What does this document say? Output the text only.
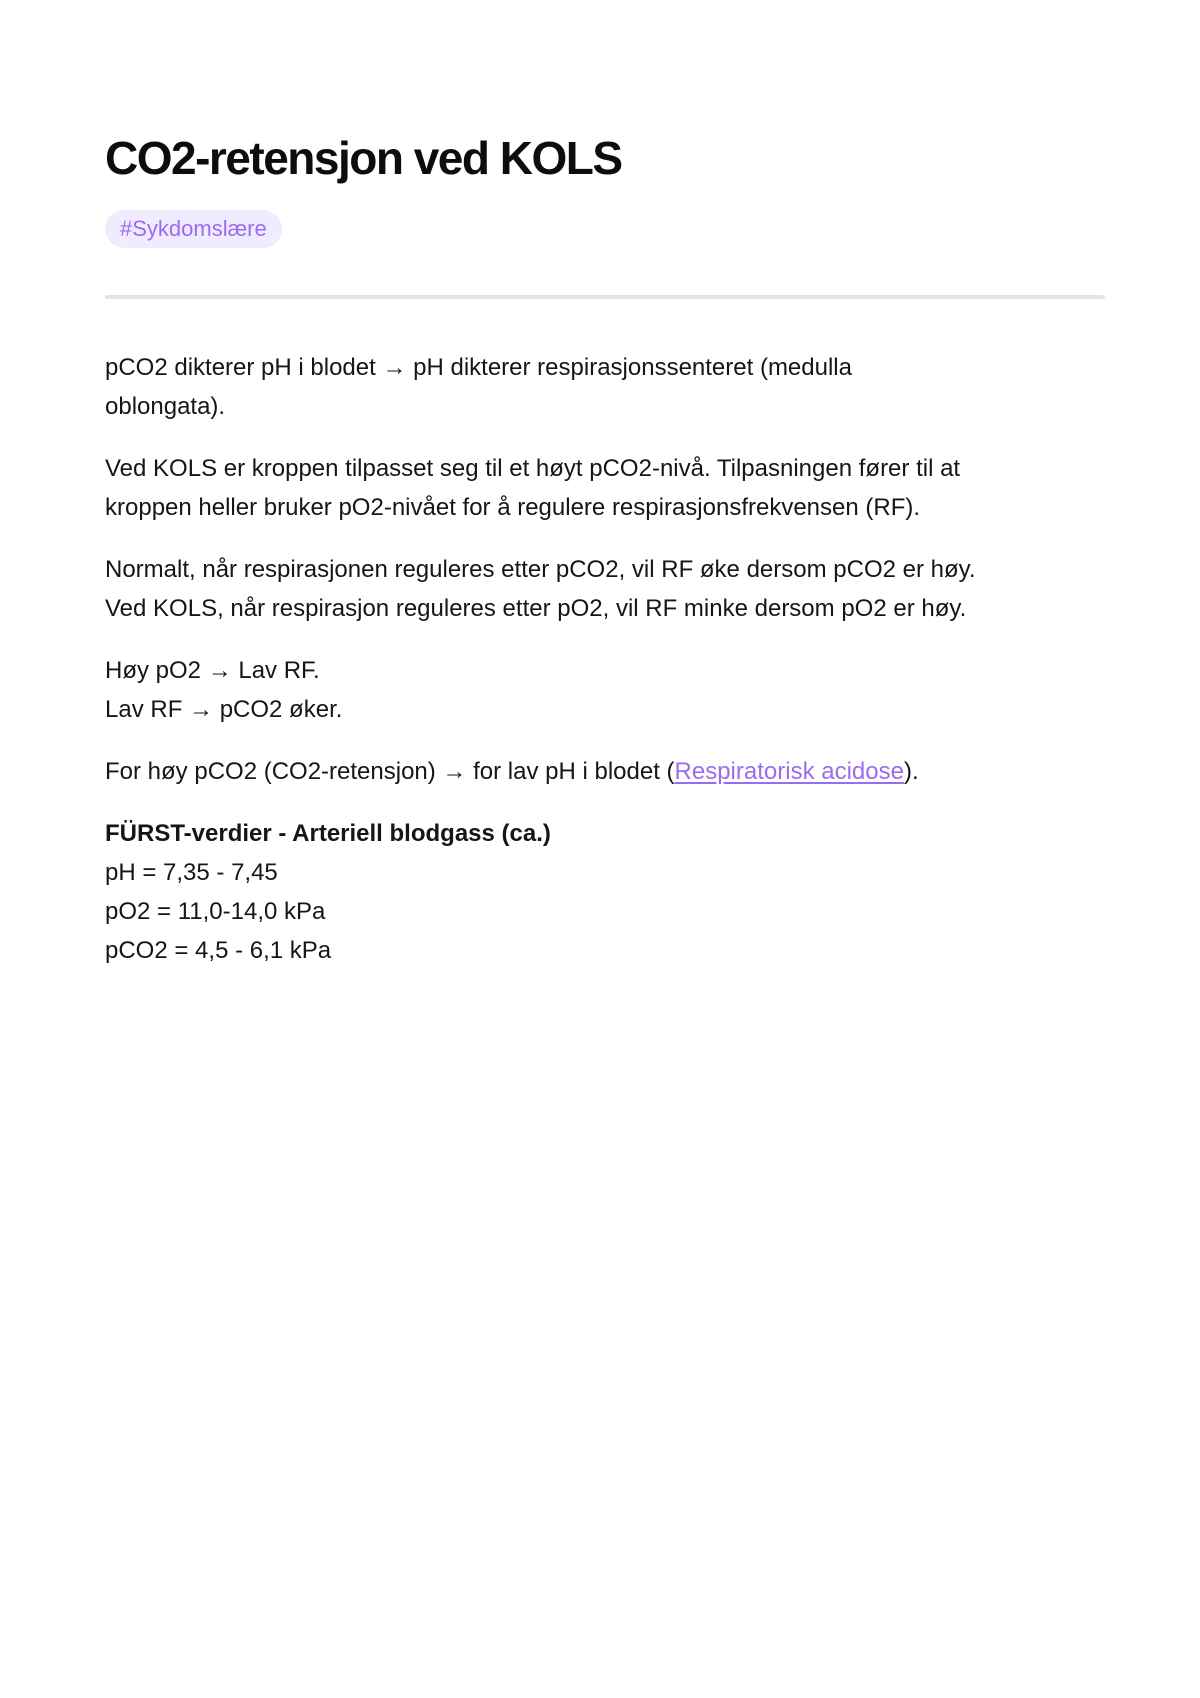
CO2-retensjon ved KOLS
#Sykdomslære

pCO2 dikterer pH i blodet → pH dikterer respirasjonssenteret (medulla
oblongata).

Ved KOLS er kroppen tilpasset seg til et høyt pCO2-nivå. Tilpasningen fører til at
kroppen heller bruker pO2-nivået for å regulere respirasjonsfrekvensen (RF).

Normalt, når respirasjonen reguleres etter pCO2, vil RF øke dersom pCO2 er høy.
Ved KOLS, når respirasjon reguleres etter pO2, vil RF minke dersom pO2 er høy.

Høy pO2 → Lav RF.
Lav RF → pCO2 øker.

For høy pCO2 (CO2-retensjon) → for lav pH i blodet (Respiratorisk acidose).

FÜRST-verdier - Arteriell blodgass (ca.)
pH = 7,35 - 7,45
pO2 = 11,0-14,0 kPa
pCO2 = 4,5 - 6,1 kPa
